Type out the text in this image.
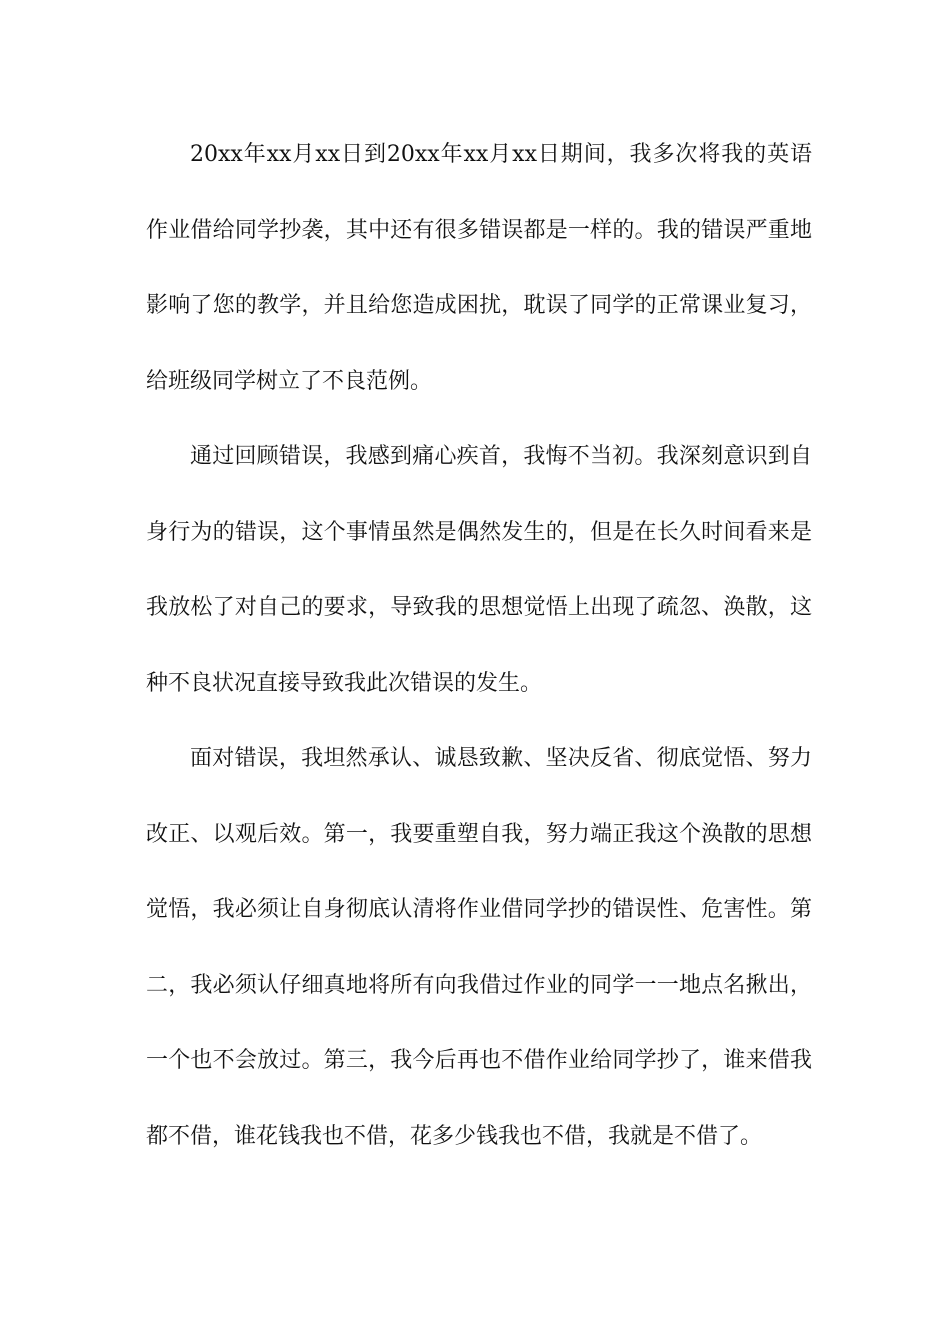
20xx年xx月xx日到20xx年xx月xx日期间，我多次将我的英语作业借给同学抄袭，其中还有很多错误都是一样的。我的错误严重地影响了您的教学，并且给您造成困扰，耽误了同学的正常课业复习，给班级同学树立了不良范例。

通过回顾错误，我感到痛心疾首，我悔不当初。我深刻意识到自身行为的错误，这个事情虽然是偶然发生的，但是在长久时间看来是我放松了对自己的要求，导致我的思想觉悟上出现了疏忽、涣散，这种不良状况直接导致我此次错误的发生。

面对错误，我坦然承认、诚恳致歉、坚决反省、彻底觉悟、努力改正、以观后效。第一，我要重塑自我，努力端正我这个涣散的思想觉悟，我必须让自身彻底认清将作业借同学抄的错误性、危害性。第二，我必须认仔细真地将所有向我借过作业的同学一一地点名揪出，一个也不会放过。第三，我今后再也不借作业给同学抄了，谁来借我都不借，谁花钱我也不借，花多少钱我也不借，我就是不借了。
